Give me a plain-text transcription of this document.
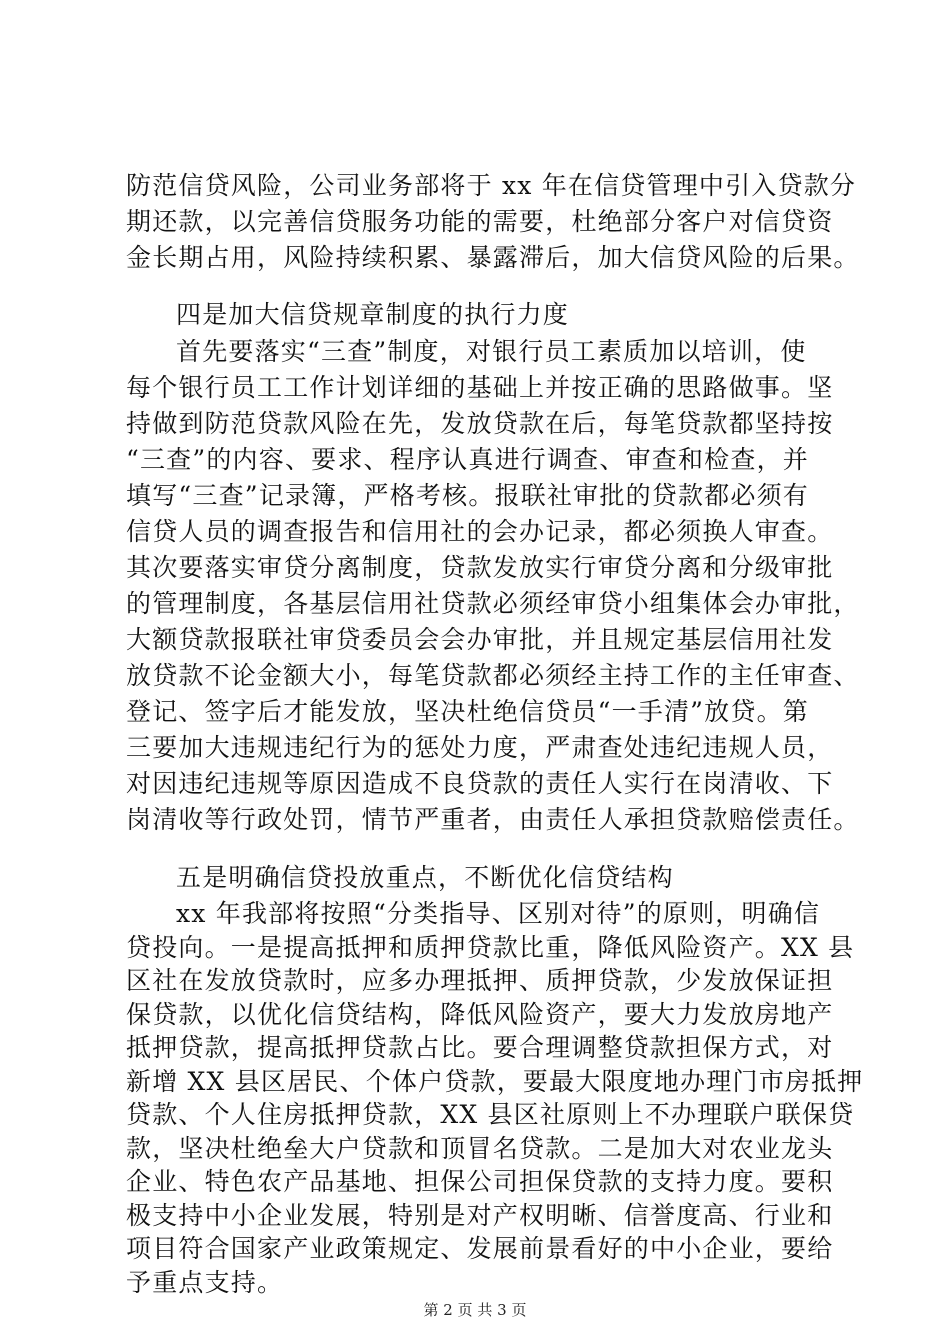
防范信贷风险，公司业务部将于 xx 年在信贷管理中引入贷款分
期还款，以完善信贷服务功能的需要，杜绝部分客户对信贷资
金长期占用，风险持续积累、暴露滞后，加大信贷风险的后果。
四是加大信贷规章制度的执行力度
首先要落实“三查”制度，对银行员工素质加以培训，使
每个银行员工工作计划详细的基础上并按正确的思路做事。坚
持做到防范贷款风险在先，发放贷款在后，每笔贷款都坚持按
“三查”的内容、要求、程序认真进行调查、审查和检查，并
填写“三查”记录簿，严格考核。报联社审批的贷款都必须有
信贷人员的调查报告和信用社的会办记录，都必须换人审查。
其次要落实审贷分离制度，贷款发放实行审贷分离和分级审批
的管理制度，各基层信用社贷款必须经审贷小组集体会办审批，
大额贷款报联社审贷委员会会办审批，并且规定基层信用社发
放贷款不论金额大小，每笔贷款都必须经主持工作的主任审查、
登记、签字后才能发放，坚决杜绝信贷员“一手清”放贷。第
三要加大违规违纪行为的惩处力度，严肃查处违纪违规人员，
对因违纪违规等原因造成不良贷款的责任人实行在岗清收、下
岗清收等行政处罚，情节严重者，由责任人承担贷款赔偿责任。
五是明确信贷投放重点，不断优化信贷结构
xx 年我部将按照“分类指导、区别对待”的原则，明确信
贷投向。一是提高抵押和质押贷款比重，降低风险资产。XX 县
区社在发放贷款时，应多办理抵押、质押贷款，少发放保证担
保贷款，以优化信贷结构，降低风险资产，要大力发放房地产
抵押贷款，提高抵押贷款占比。要合理调整贷款担保方式，对
新增 XX 县区居民、个体户贷款，要最大限度地办理门市房抵押
贷款、个人住房抵押贷款，XX 县区社原则上不办理联户联保贷
款，坚决杜绝垒大户贷款和顶冒名贷款。二是加大对农业龙头
企业、特色农产品基地、担保公司担保贷款的支持力度。要积
极支持中小企业发展，特别是对产权明晰、信誉度高、行业和
项目符合国家产业政策规定、发展前景看好的中小企业，要给
第 2 页 共 3 页
予重点支持。
